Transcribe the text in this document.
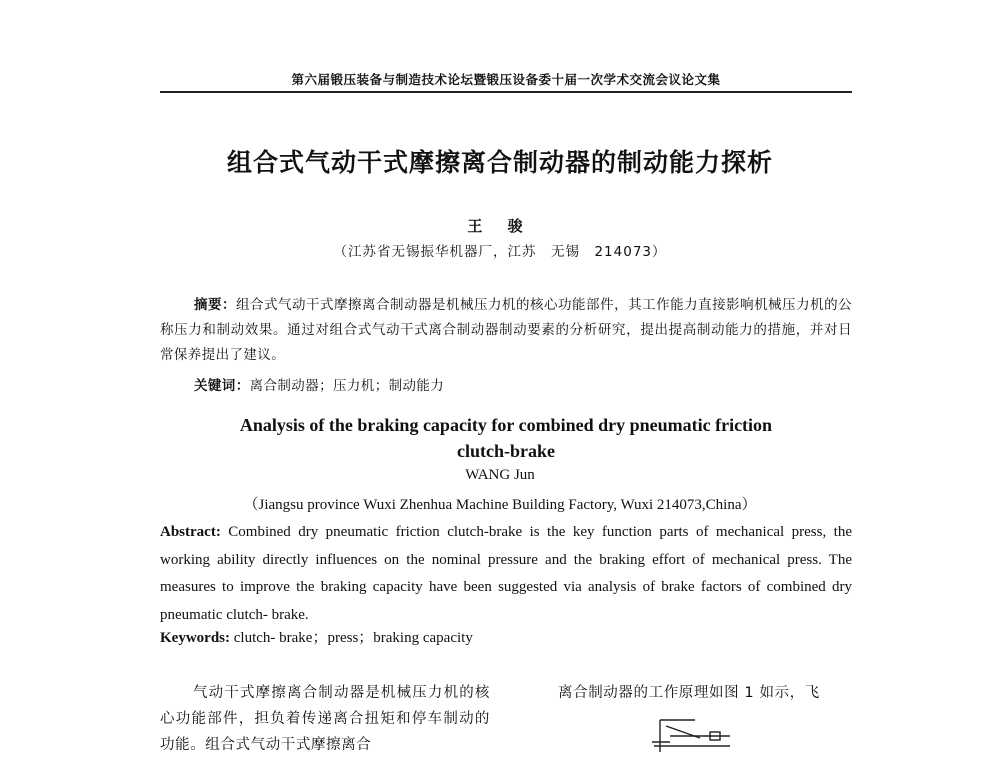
第六届锻压装备与制造技术论坛暨锻压设备委十届一次学术交流会议论文集
组合式气动干式摩擦离合制动器的制动能力探析
王 骏
（江苏省无锡振华机器厂，江苏　无锡　214073）
摘要：组合式气动干式摩擦离合制动器是机械压力机的核心功能部件，其工作能力直接影响机械压力机的公称压力和制动效果。通过对组合式气动干式离合制动器制动要素的分析研究，提出提高制动能力的措施，并对日常保养提出了建议。
关键词：离合制动器；压力机；制动能力
Analysis of the braking capacity for combined dry pneumatic friction
clutch-brake
WANG Jun
（Jiangsu province Wuxi Zhenhua Machine Building Factory, Wuxi 214073,China）
Abstract: Combined dry pneumatic friction clutch-brake is the key function parts of mechanical press, the working ability directly influences on the nominal pressure and the braking effort of mechanical press. The measures to improve the braking capacity have been suggested via analysis of brake factors of combined dry pneumatic clutch- brake.
Keywords: clutch- brake；press；braking capacity
气动干式摩擦离合制动器是机械压力机的核心功能部件，担负着传递离合扭矩和停车制动的功能。组合式气动干式摩擦离合
离合制动器的工作原理如图 1 如示，飞
